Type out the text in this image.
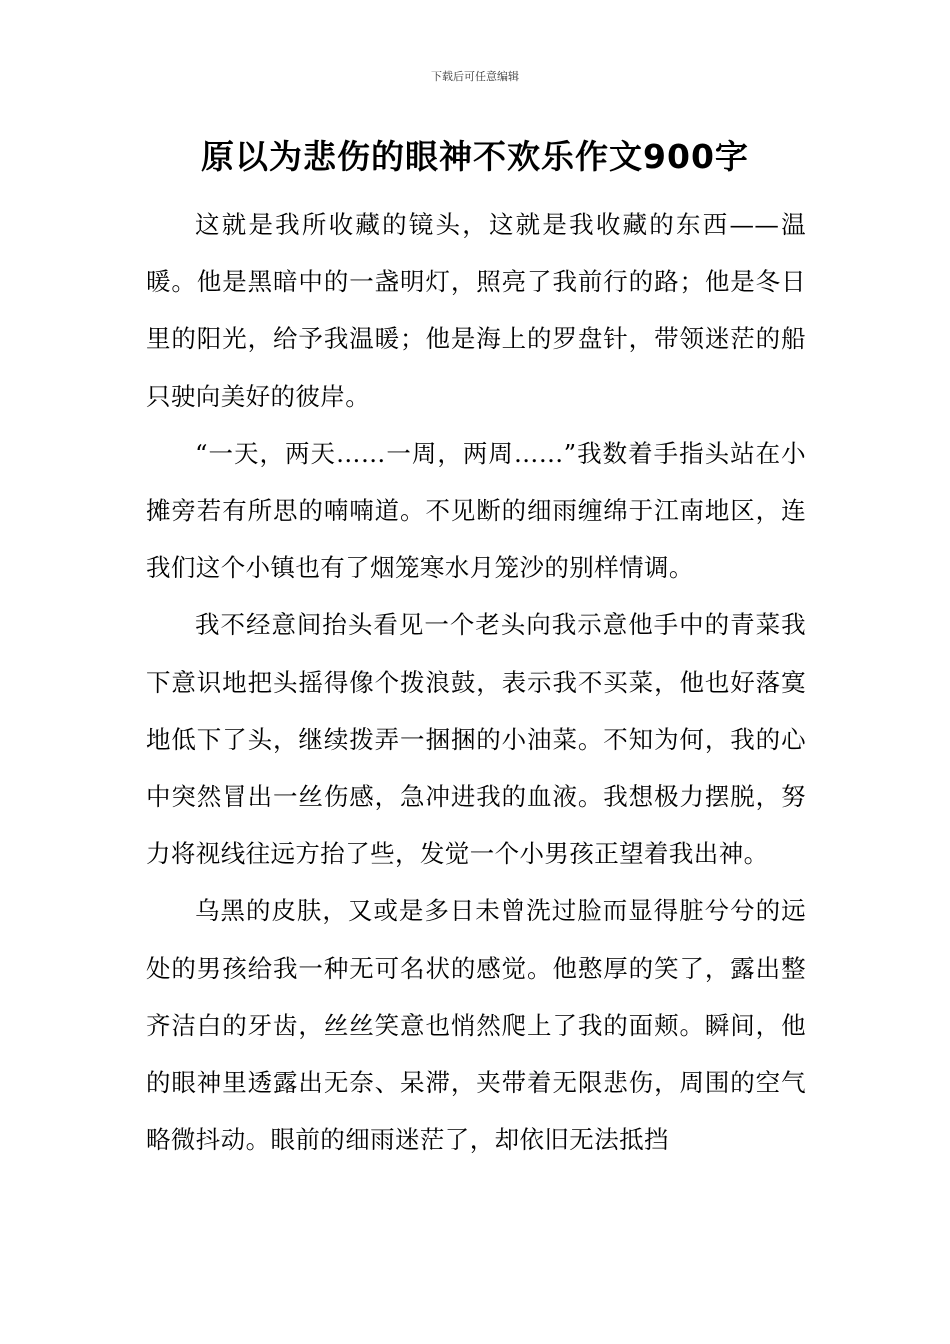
下载后可任意编辑
原以为悲伤的眼神不欢乐作文900字

这就是我所收藏的镜头，这就是我收藏的东西——温暖。他是黑暗中的一盏明灯，照亮了我前行的路；他是冬日里的阳光，给予我温暖；他是海上的罗盘针，带领迷茫的船只驶向美好的彼岸。

“一天，两天……一周，两周……”我数着手指头站在小摊旁若有所思的喃喃道。不见断的细雨缠绵于江南地区，连我们这个小镇也有了烟笼寒水月笼沙的别样情调。

我不经意间抬头看见一个老头向我示意他手中的青菜我下意识地把头摇得像个拨浪鼓，表示我不买菜，他也好落寞地低下了头，继续拨弄一捆捆的小油菜。不知为何，我的心中突然冒出一丝伤感，急冲进我的血液。我想极力摆脱，努力将视线往远方抬了些，发觉一个小男孩正望着我出神。

乌黑的皮肤，又或是多日未曾洗过脸而显得脏兮兮的远处的男孩给我一种无可名状的感觉。他憨厚的笑了，露出整齐洁白的牙齿，丝丝笑意也悄然爬上了我的面颊。瞬间，他的眼神里透露出无奈、呆滞，夹带着无限悲伤，周围的空气略微抖动。眼前的细雨迷茫了，却依旧无法抵挡
